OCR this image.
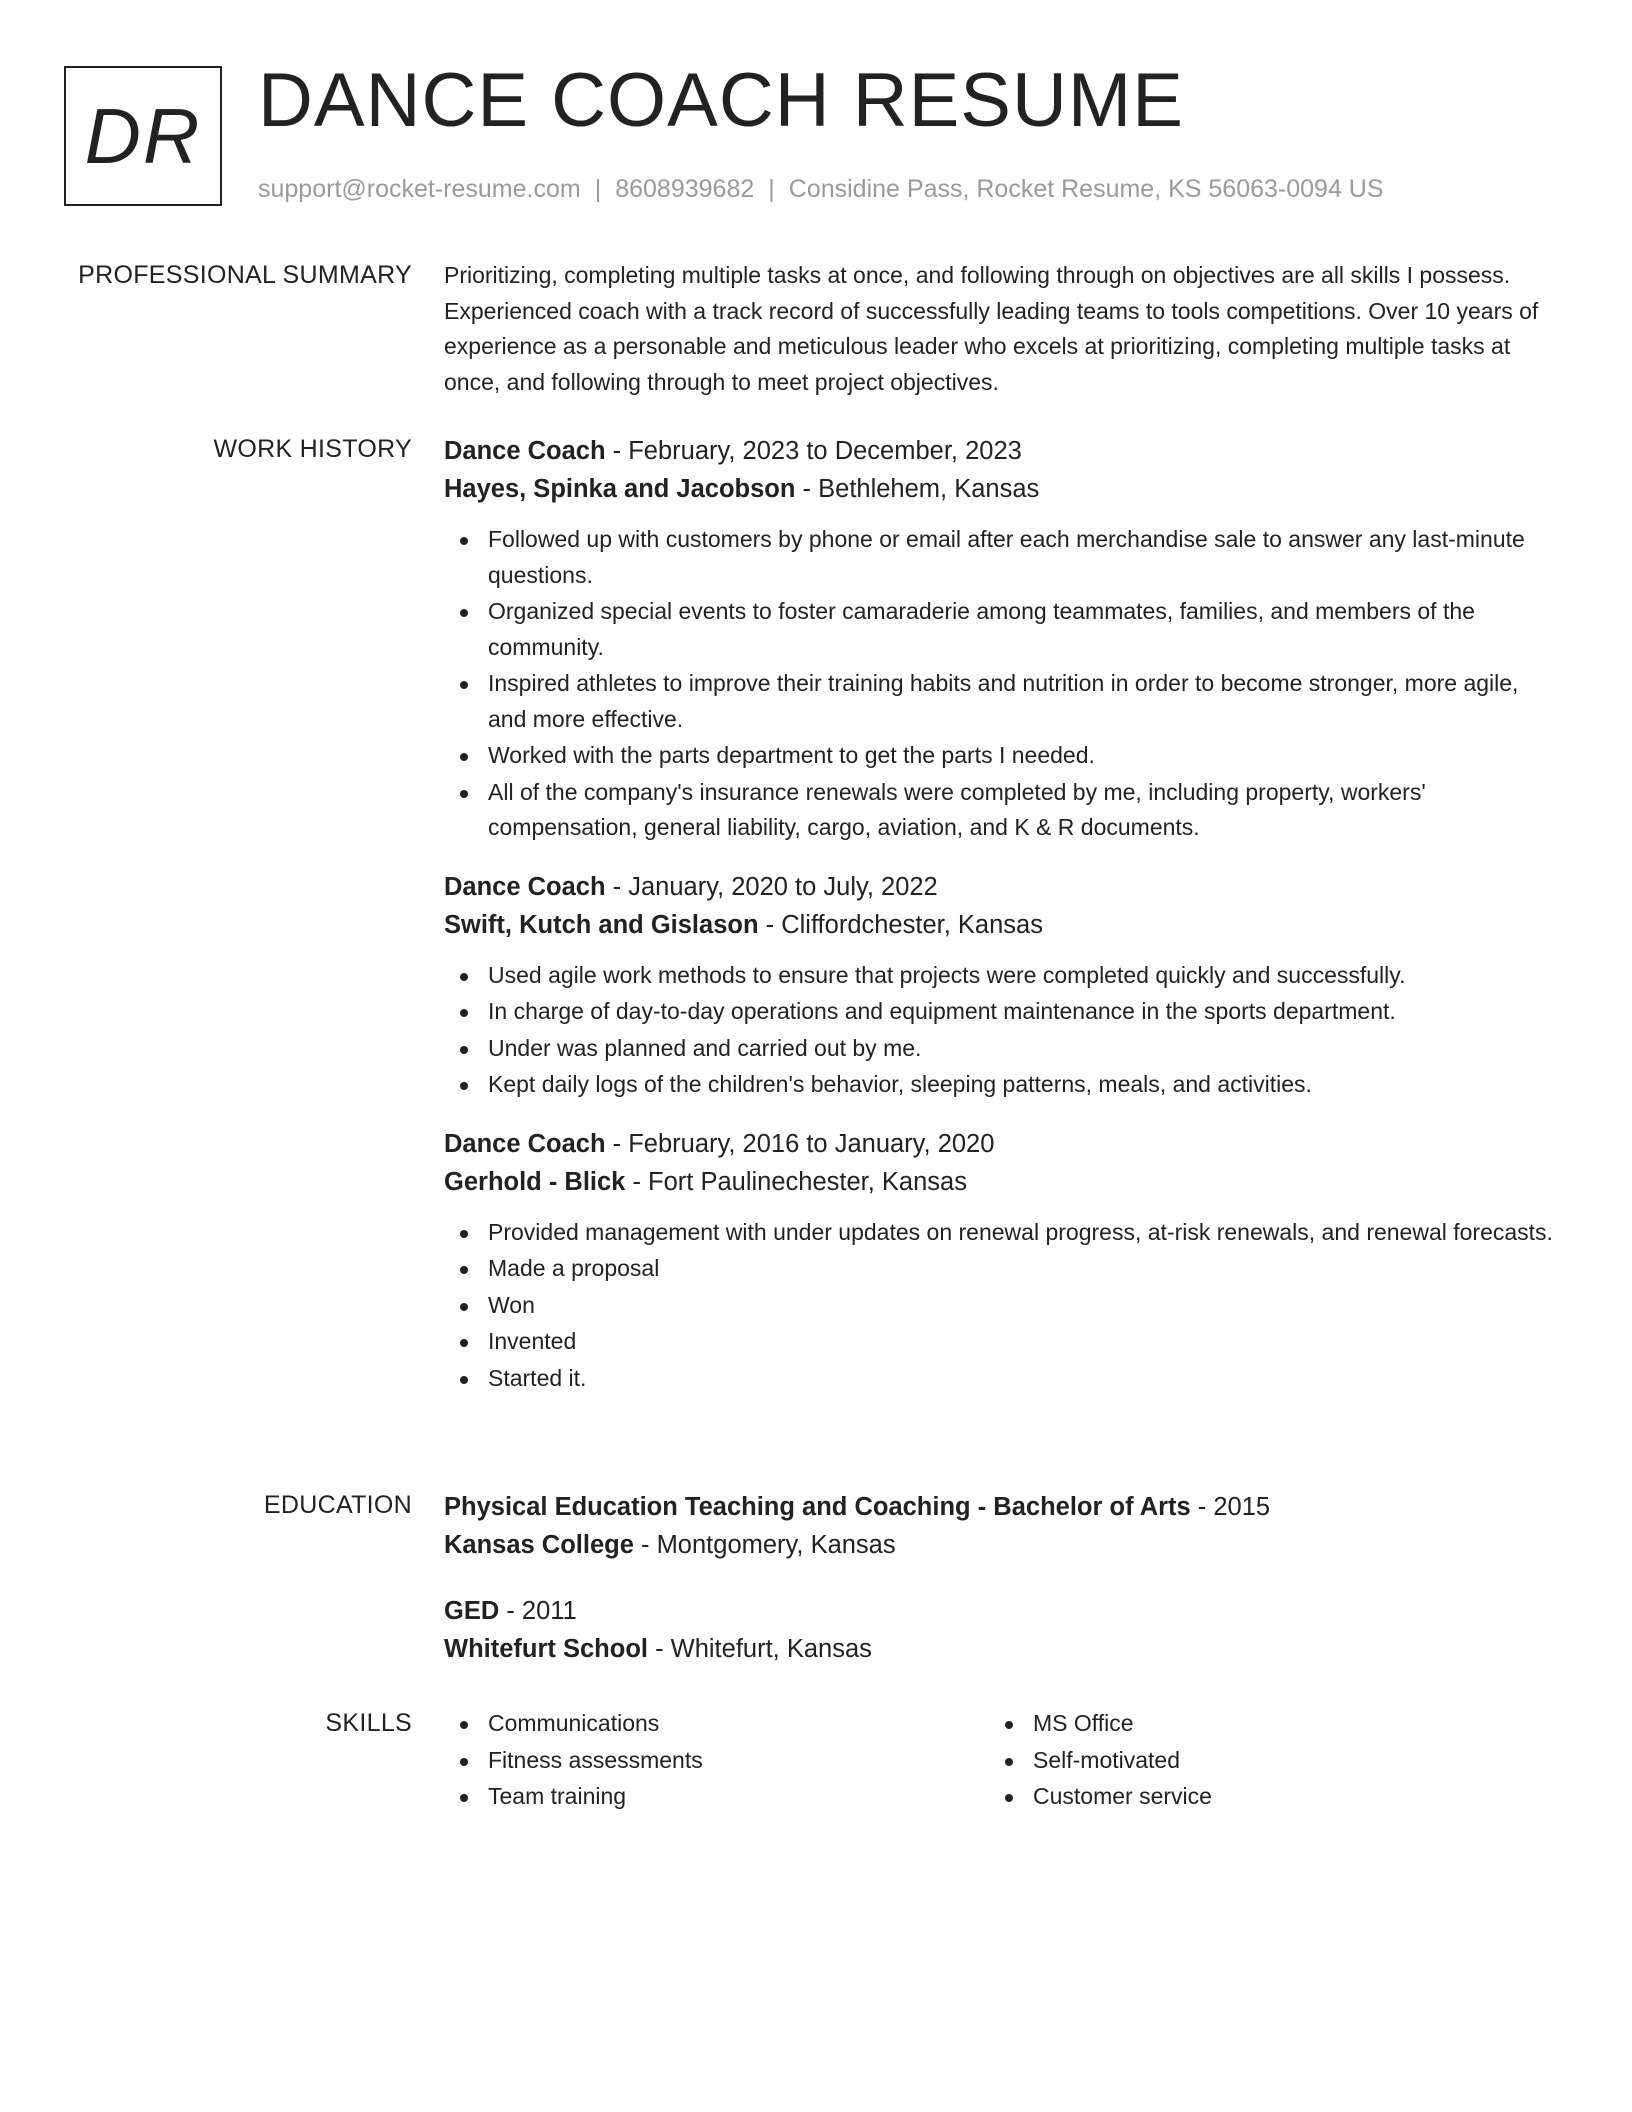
DR DANCE COACH RESUME
support@rocket-resume.com | 8608939682 | Considine Pass, Rocket Resume, KS 56063-0094 US
PROFESSIONAL SUMMARY Prioritizing, completing multiple tasks at once, and following through on objectives are all skills I possess. Experienced coach with a track record of successfully leading teams to tools competitions. Over 10 years of experience as a personable and meticulous leader who excels at prioritizing, completing multiple tasks at once, and following through to meet project objectives.

WORK HISTORY Dance Coach - February, 2023 to December, 2023
Hayes, Spinka and Jacobson - Bethlehem, Kansas
Followed up with customers by phone or email after each merchandise sale to answer any last-minute questions.
Organized special events to foster camaraderie among teammates, families, and members of the community.
Inspired athletes to improve their training habits and nutrition in order to become stronger, more agile, and more effective.
Worked with the parts department to get the parts I needed.
All of the company's insurance renewals were completed by me, including property, workers' compensation, general liability, cargo, aviation, and K & R documents.
Dance Coach - January, 2020 to July, 2022
Swift, Kutch and Gislason - Cliffordchester, Kansas
Used agile work methods to ensure that projects were completed quickly and successfully.
In charge of day-to-day operations and equipment maintenance in the sports department.
Under was planned and carried out by me.
Kept daily logs of the children's behavior, sleeping patterns, meals, and activities.
Dance Coach - February, 2016 to January, 2020
Gerhold - Blick - Fort Paulinechester, Kansas
Provided management with under updates on renewal progress, at-risk renewals, and renewal forecasts.
Made a proposal
Won
Invented
Started it.
EDUCATION Physical Education Teaching and Coaching - Bachelor of Arts - 2015
Kansas College - Montgomery, Kansas
GED - 2011
Whitefurt School - Whitefurt, Kansas
SKILLS	Communications
Fitness assessments
Team training
MS Office
Self-motivated
Customer service
